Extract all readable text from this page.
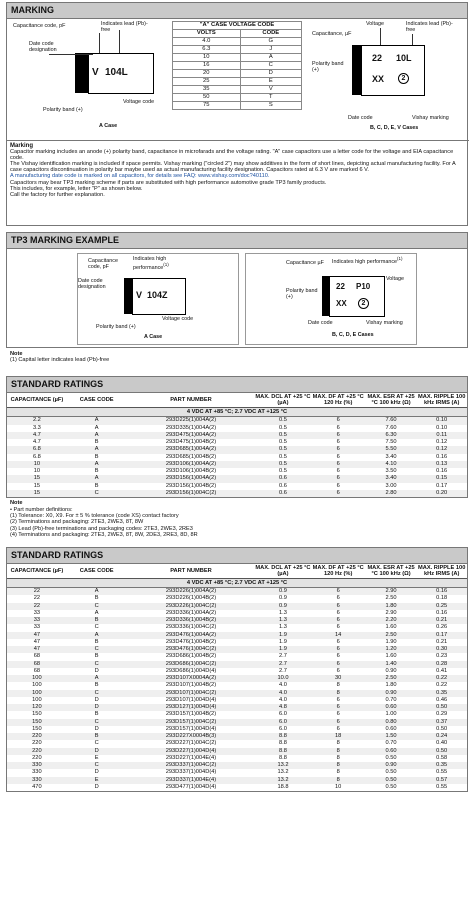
MARKING
Capacitance code, pF	Indicates lead (Pb)-free
Date code designation
V 104L
Polarity band (+)
Voltage code
A Case
"A" CASE VOLTAGE CODE	
VOLTS	CODE
4.0	G
6.3	J
10	A
16	C
20	D
25	E
35	V
50	T
75	S
Voltage	Indicates lead (Pb)-free
Capacitance, µF
Polarity band (+)
22 10L
XX	2
Date code	Vishay marking
B, C, D, E, V Cases
Marking
Capacitor marking includes an anode (+) polarity band, capacitance in microfarads and the voltage rating. "A" case capacitors use a letter code for the voltage and EIA capacitance code.
The Vishay identification marking is included if space permits. Vishay marking ("circled 2") may show additives in the form of short lines, depicting actual manufacturing facility. For A case capacitors discontinuation in polarity bar maybe used as actual manufacturing facility designation. Capacitors rated at 6.3 V are marked 6 V.
A manufacturing date code is marked on all capacitors, for details see FAQ: www.vishay.com/doc?40110.
Capacitors may bear TP3 marking scheme if parts are substituted with high performance automotive grade TP3 family products.
This includes, for example, letter "P" as shown below.
Call the factory for further explanation.
TP3 MARKING EXAMPLE
Capacitance code, pF
Indicates high performance$^{(1)}$
Date code designation
V 104Z
Polarity band (+)
Voltage code
A Case
Capacitance µF	Indicates high performance$^{(1)}$
Voltage
Polarity band (+)
22 P10
XX	2
Date code	Vishay marking
B, C, D, E Cases
Note
(1) Capital letter indicates lead (Pb)-free
STANDARD RATINGS
CAPACITANCE (µF)	CASE CODE	PART NUMBER	MAX. DCL AT +25 °C (µA)	MAX. DF AT +25 °C 120 Hz (%)	MAX. ESR AT +25 °C 100 kHz (Ω)	MAX. RIPPLE 100 kHz IRMS (A)
4 VDC AT +85 °C; 2.7 VDC AT +125 °C						
2.2	A	293D225(1)004A(2)	0.5	6	7.60	0.10
3.3	A	293D335(1)004A(2)	0.5	6	7.60	0.10
4.7	A	293D475(1)004A(2)	0.5	6	6.30	0.11
4.7	B	293D475(1)004B(2)	0.5	6	7.50	0.12
6.8	A	293D685(1)004A(2)	0.5	6	5.50	0.12
6.8	B	293D685(1)004B(2)	0.5	6	3.40	0.16
10	A	293D106(1)004A(2)	0.5	6	4.10	0.13
10	B	293D106(1)004B(2)	0.5	6	3.50	0.16
15	A	293D156(1)004A(2)	0.6	6	3.40	0.15
15	B	293D156(1)004B(2)	0.6	6	3.00	0.17
15	C	293D156(1)004C(2)	0.6	6	2.80	0.20
Note
• Part number definitions:
(1) Tolerance: X0, X9. For ± 5 % tolerance (code XS) contact factory
(2) Terminations and packaging: 2TE3, 2WE3, 8T, 8W
(3) Lead (Pb)-free terminations and packaging codes: 2TE3, 2WE3, 2RE3
(4) Terminations and packaging: 2TE3, 2WE3, 8T, 8W, 2DE3, 2RE3, 8D, 8R
STANDARD RATINGS
CAPACITANCE (µF)	CASE CODE	PART NUMBER	MAX. DCL AT +25 °C (µA)	MAX. DF AT +25 °C 120 Hz (%)	MAX. ESR AT +25 °C 100 kHz (Ω)	MAX. RIPPLE 100 kHz IRMS (A)
4 VDC AT +85 °C; 2.7 VDC AT +125 °C						
22	A	293D226(1)004A(2)	0.9	6	2.90	0.16
22	B	293D226(1)004B(2)	0.9	6	2.50	0.18
22	C	293D226(1)004C(2)	0.9	6	1.80	0.25
33	A	293D336(1)004A(2)	1.3	6	2.90	0.16
33	B	293D336(1)004B(2)	1.3	6	2.20	0.21
33	C	293D336(1)004C(2)	1.3	6	1.60	0.26
47	A	293D476(1)004A(2)	1.9	14	2.50	0.17
47	B	293D476(1)004B(2)	1.9	6	1.90	0.21
47	C	293D476(1)004C(2)	1.9	6	1.20	0.30
68	B	293D686(1)004B(2)	2.7	6	1.60	0.23
68	C	293D686(1)004C(2)	2.7	6	1.40	0.28
68	D	293D686(1)004D(4)	2.7	6	0.90	0.41
100	A	293D107X0004A(2)	10.0	30	2.50	0.22
100	B	293D107(1)004B(2)	4.0	8	1.80	0.22
100	C	293D107(1)004C(2)	4.0	8	0.90	0.35
100	D	293D107(1)004D(4)	4.0	6	0.70	0.46
120	D	293D127(1)004D(4)	4.8	6	0.60	0.50
150	B	293D157(1)004B(2)	6.0	6	1.00	0.29
150	C	293D157(1)004C(2)	6.0	6	0.80	0.37
150	D	293D157(1)004D(4)	6.0	6	0.60	0.50
220	B	293D227X0004B(3)	8.8	18	1.50	0.24
220	C	293D227(1)004C(2)	8.8	8	0.70	0.40
220	D	293D227(1)004D(4)	8.8	8	0.60	0.50
220	E	293D227(1)004E(4)	8.8	8	0.50	0.58
330	C	293D337(1)004C(2)	13.2	8	0.90	0.35
330	D	293D337(1)004D(4)	13.2	8	0.50	0.55
330	E	293D337(1)004E(4)	13.2	8	0.50	0.57
470	D	293D477(1)004D(4)	18.8	10	0.50	0.55
